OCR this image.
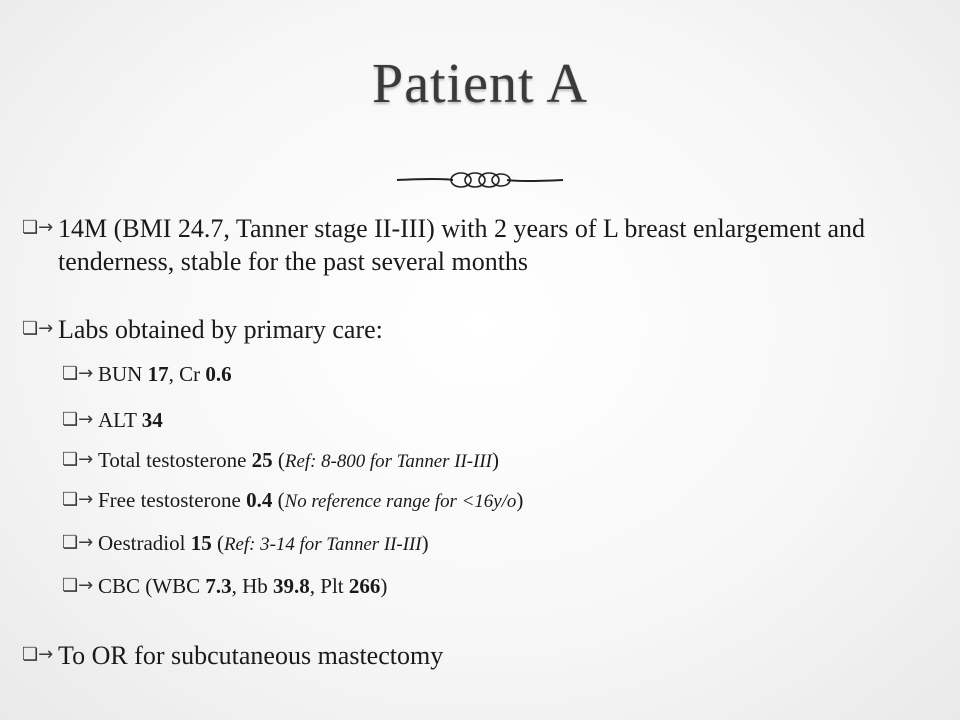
Patient A
❏→ 14M (BMI 24.7, Tanner stage II-III) with 2 years of L breast enlargement and tenderness, stable for the past several months
❏→ Labs obtained by primary care:
❏→ BUN 17, Cr 0.6
❏→ ALT 34
❏→ Total testosterone 25 (Ref: 8-800 for Tanner II-III)
❏→ Free testosterone 0.4 (No reference range for <16y/o)
❏→ Oestradiol 15 (Ref: 3-14 for Tanner II-III)
❏→ CBC (WBC 7.3, Hb 39.8, Plt 266)
❏→ To OR for subcutaneous mastectomy
